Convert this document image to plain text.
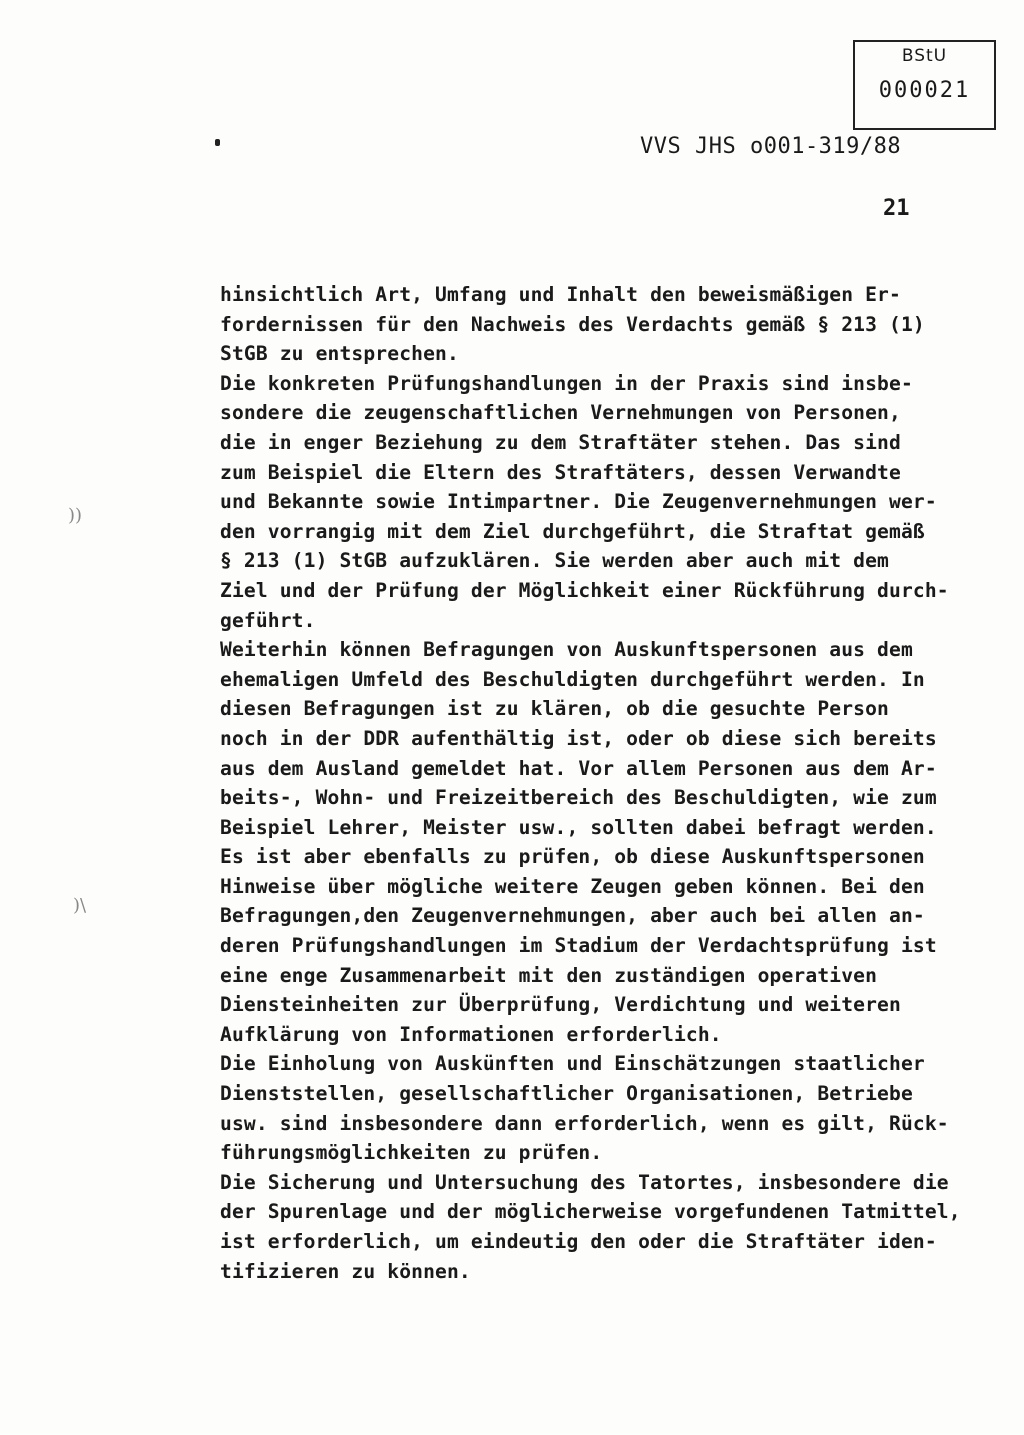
BStU
000021
VVS JHS o001-319/88
21
))
)\
hinsichtlich Art, Umfang und Inhalt den beweismäßigen Er-
fordernissen für den Nachweis des Verdachts gemäß § 213 (1)
StGB zu entsprechen.
Die konkreten Prüfungshandlungen in der Praxis sind insbe-
sondere die zeugenschaftlichen Vernehmungen von Personen,
die in enger Beziehung zu dem Straftäter stehen. Das sind
zum Beispiel die Eltern des Straftäters, dessen Verwandte
und Bekannte sowie Intimpartner. Die Zeugenvernehmungen wer-
den vorrangig mit dem Ziel durchgeführt, die Straftat gemäß
§ 213 (1) StGB aufzuklären. Sie werden aber auch mit dem
Ziel und der Prüfung der Möglichkeit einer Rückführung durch-
geführt.
Weiterhin können Befragungen von Auskunftspersonen aus dem
ehemaligen Umfeld des Beschuldigten durchgeführt werden. In
diesen Befragungen ist zu klären, ob die gesuchte Person
noch in der DDR aufenthältig ist, oder ob diese sich bereits
aus dem Ausland gemeldet hat. Vor allem Personen aus dem Ar-
beits-, Wohn- und Freizeitbereich des Beschuldigten, wie zum
Beispiel Lehrer, Meister usw., sollten dabei befragt werden.
Es ist aber ebenfalls zu prüfen, ob diese Auskunftspersonen
Hinweise über mögliche weitere Zeugen geben können. Bei den
Befragungen,den Zeugenvernehmungen, aber auch bei allen an-
deren Prüfungshandlungen im Stadium der Verdachtsprüfung ist
eine enge Zusammenarbeit mit den zuständigen operativen
Diensteinheiten zur Überprüfung, Verdichtung und weiteren
Aufklärung von Informationen erforderlich.
Die Einholung von Auskünften und Einschätzungen staatlicher
Dienststellen, gesellschaftlicher Organisationen, Betriebe
usw. sind insbesondere dann erforderlich, wenn es gilt, Rück-
führungsmöglichkeiten zu prüfen.
Die Sicherung und Untersuchung des Tatortes, insbesondere die
der Spurenlage und der möglicherweise vorgefundenen Tatmittel,
ist erforderlich, um eindeutig den oder die Straftäter iden-
tifizieren zu können.
